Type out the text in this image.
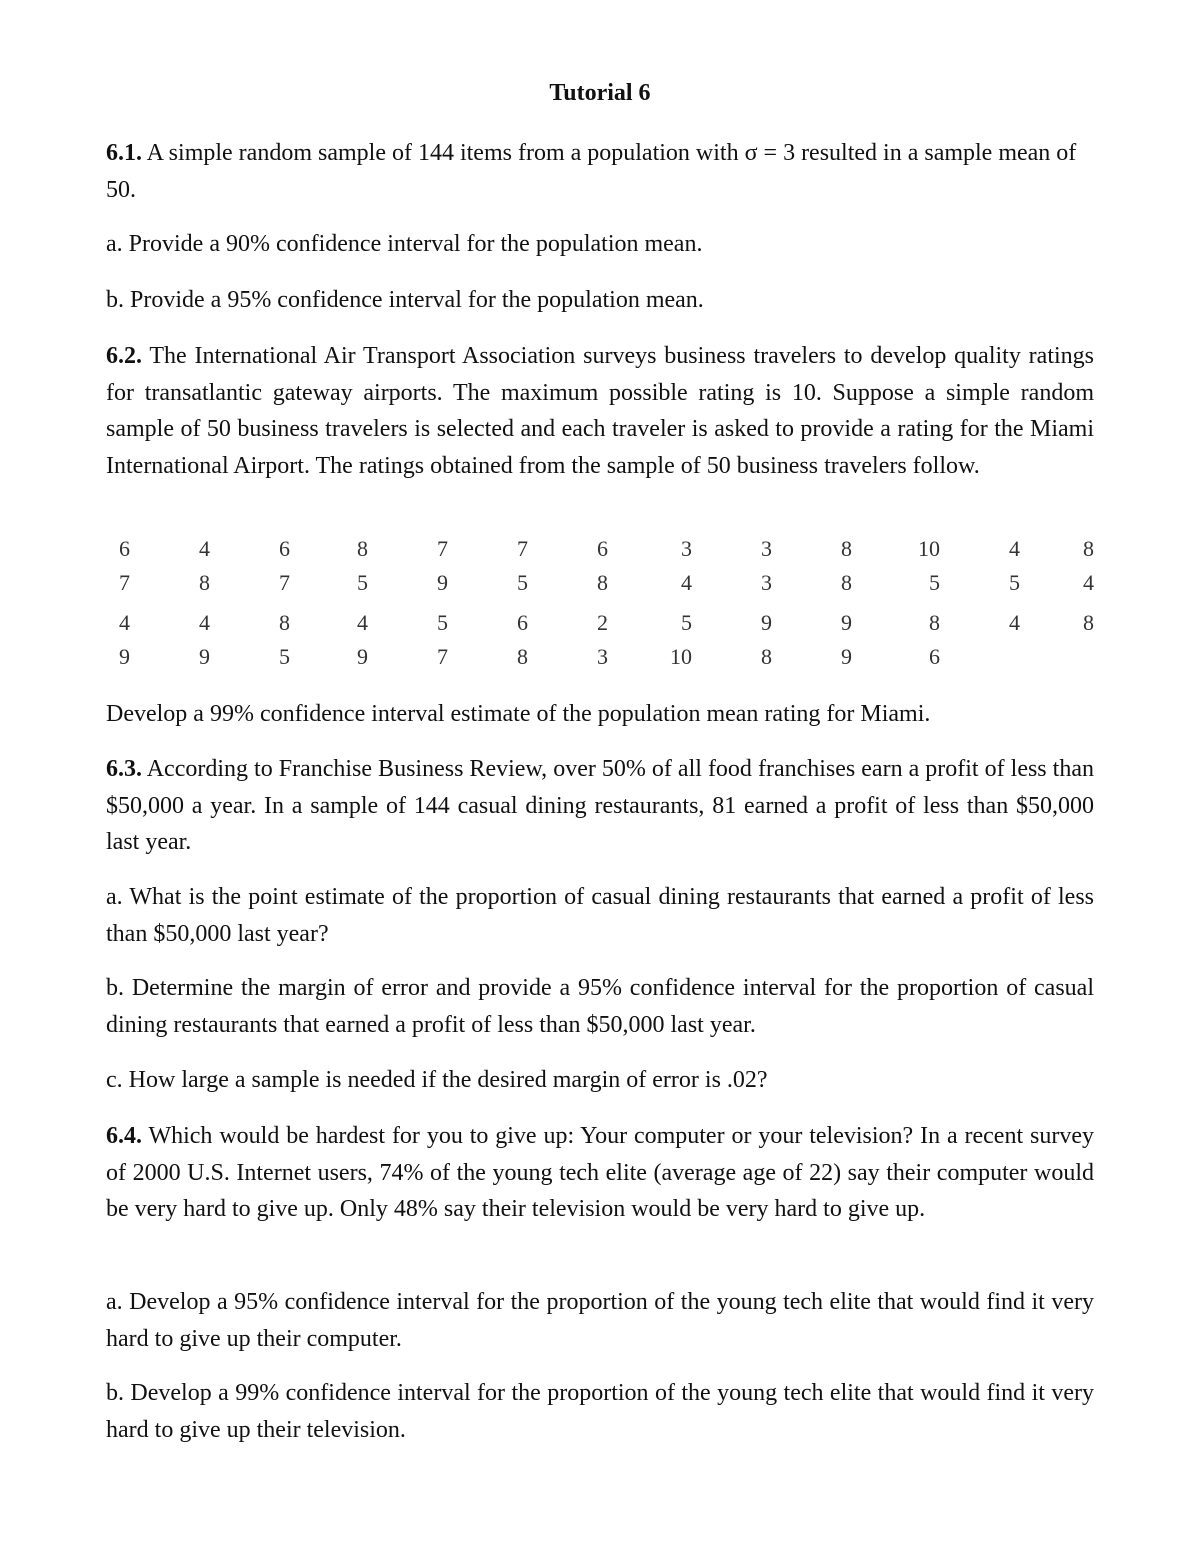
Tutorial 6
6.1. A simple random sample of 144 items from a population with σ = 3 resulted in a sample mean of 50.
a. Provide a 90% confidence interval for the population mean.
b. Provide a 95% confidence interval for the population mean.
6.2. The International Air Transport Association surveys business travelers to develop quality ratings for transatlantic gateway airports. The maximum possible rating is 10. Suppose a simple random sample of 50 business travelers is selected and each traveler is asked to provide a rating for the Miami International Airport. The ratings obtained from the sample of 50 business travelers follow.
6	4	6	8	7	7	6	3	3	8	10	4	8
7	8	7	5	9	5	8	4	3	8	5	5	4
4	4	8	4	5	6	2	5	9	9	8	4	8
9	9	5	9	7	8	3	10	8	9	6
Develop a 99% confidence interval estimate of the population mean rating for Miami.
6.3. According to Franchise Business Review, over 50% of all food franchises earn a profit of less than $50,000 a year. In a sample of 144 casual dining restaurants, 81 earned a profit of less than $50,000 last year.
a. What is the point estimate of the proportion of casual dining restaurants that earned a profit of less than $50,000 last year?
b. Determine the margin of error and provide a 95% confidence interval for the proportion of casual dining restaurants that earned a profit of less than $50,000 last year.
c. How large a sample is needed if the desired margin of error is .02?
6.4. Which would be hardest for you to give up: Your computer or your television? In a recent survey of 2000 U.S. Internet users, 74% of the young tech elite (average age of 22) say their computer would be very hard to give up. Only 48% say their television would be very hard to give up.
a. Develop a 95% confidence interval for the proportion of the young tech elite that would find it very hard to give up their computer.
b. Develop a 99% confidence interval for the proportion of the young tech elite that would find it very hard to give up their television.
